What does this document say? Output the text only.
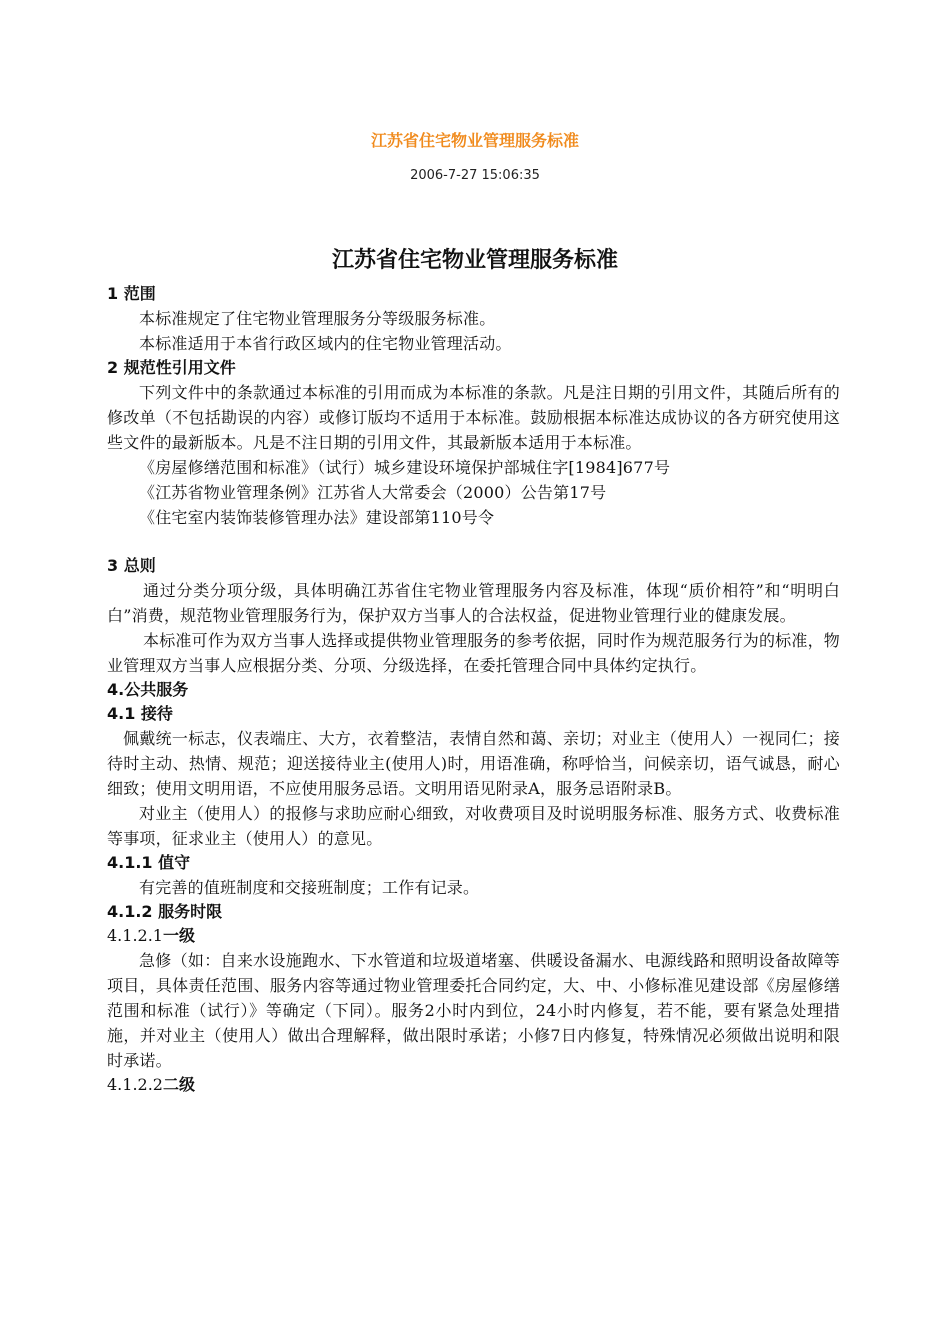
江苏省住宅物业管理服务标准
2006-7-27 15:06:35
江苏省住宅物业管理服务标准
1 范围
本标准规定了住宅物业管理服务分等级服务标准。
本标准适用于本省行政区域内的住宅物业管理活动。
2 规范性引用文件
下列文件中的条款通过本标准的引用而成为本标准的条款。凡是注日期的引用文件，其随后所有的修改单（不包括勘误的内容）或修订版均不适用于本标准。鼓励根据本标准达成协议的各方研究使用这些文件的最新版本。凡是不注日期的引用文件，其最新版本适用于本标准。
《房屋修缮范围和标准》（试行）城乡建设环境保护部城住字[1984]677号
《江苏省物业管理条例》江苏省人大常委会（2000）公告第17号
《住宅室内装饰装修管理办法》建设部第110号令
3 总则
通过分类分项分级，具体明确江苏省住宅物业管理服务内容及标准，体现“质价相符”和“明明白白”消费，规范物业管理服务行为，保护双方当事人的合法权益，促进物业管理行业的健康发展。
本标准可作为双方当事人选择或提供物业管理服务的参考依据，同时作为规范服务行为的标准，物业管理双方当事人应根据分类、分项、分级选择，在委托管理合同中具体约定执行。
4.公共服务
4.1 接待
佩戴统一标志，仪表端庄、大方，衣着整洁，表情自然和蔼、亲切；对业主（使用人）一视同仁；接待时主动、热情、规范；迎送接待业主(使用人)时，用语准确，称呼恰当，问候亲切，语气诚恳，耐心细致；使用文明用语，不应使用服务忌语。文明用语见附录A，服务忌语附录B。
对业主（使用人）的报修与求助应耐心细致，对收费项目及时说明服务标准、服务方式、收费标准等事项，征求业主（使用人）的意见。
4.1.1 值守
有完善的值班制度和交接班制度；工作有记录。
4.1.2 服务时限
4.1.2.1一级
急修（如：自来水设施跑水、下水管道和垃圾道堵塞、供暖设备漏水、电源线路和照明设备故障等项目，具体责任范围、服务内容等通过物业管理委托合同约定，大、中、小修标准见建设部《房屋修缮范围和标准（试行）》等确定（下同）。服务2小时内到位，24小时内修复，若不能，要有紧急处理措施，并对业主（使用人）做出合理解释，做出限时承诺；小修7日内修复，特殊情况必须做出说明和限时承诺。
4.1.2.2二级
